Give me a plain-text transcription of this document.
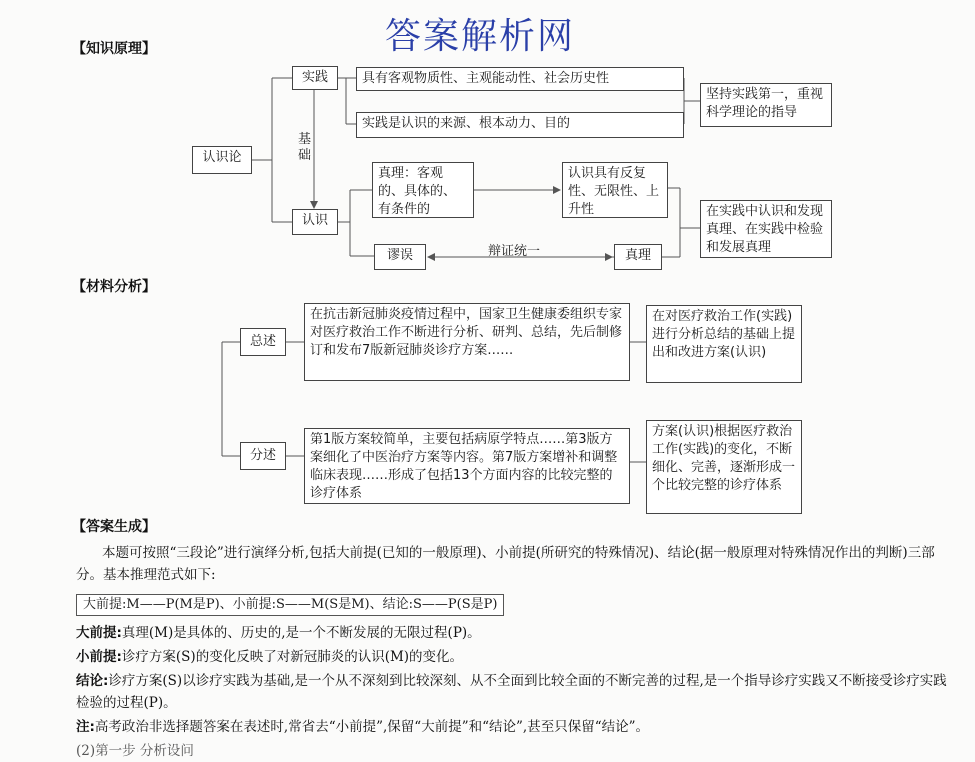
答案解析网
【知识原理】
【材料分析】
【答案生成】
认识论
实践
基
础
认识
具有客观物质性、主观能动性、社会历史性
实践是认识的来源、根本动力、目的
坚持实践第一，重视科学理论的指导
真理：客观的、具体的、有条件的
认识具有反复性、无限性、上升性
谬误	辩证统一	真理
在实践中认识和发现真理、在实践中检验和发展真理
总述
分述
在抗击新冠肺炎疫情过程中，国家卫生健康委组织专家对医疗救治工作不断进行分析、研判、总结，先后制修订和发布7版新冠肺炎诊疗方案……
在对医疗救治工作(实践)进行分析总结的基础上提出和改进方案(认识)
第1版方案较简单，主要包括病原学特点……第3版方案细化了中医治疗方案等内容。第7版方案增补和调整临床表现……形成了包括13个方面内容的比较完整的诊疗体系
方案(认识)根据医疗救治工作(实践)的变化，不断细化、完善，逐渐形成一个比较完整的诊疗体系
本题可按照“三段论”进行演绎分析,包括大前提(已知的一般原理)、小前提(所研究的特殊情况)、结论(据一般原理对特殊情况作出的判断)三部分。基本推理范式如下:
大前提:M——P(M是P)、小前提:S——M(S是M)、结论:S——P(S是P)
大前提:真理(M)是具体的、历史的,是一个不断发展的无限过程(P)。
小前提:诊疗方案(S)的变化反映了对新冠肺炎的认识(M)的变化。
结论:诊疗方案(S)以诊疗实践为基础,是一个从不深刻到比较深刻、从不全面到比较全面的不断完善的过程,是一个指导诊疗实践又不断接受诊疗实践检验的过程(P)。
注:高考政治非选择题答案在表述时,常省去“小前提”,保留“大前提”和“结论”,甚至只保留“结论”。
(2)第一步 分析设问
